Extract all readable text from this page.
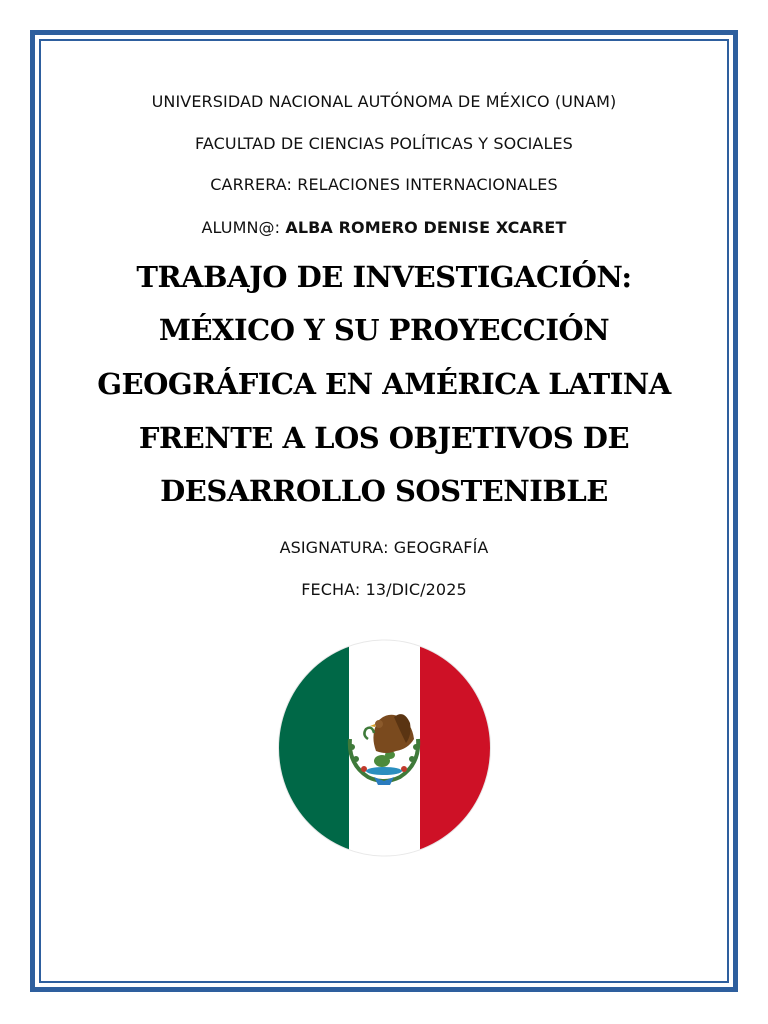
UNIVERSIDAD NACIONAL AUTÓNOMA DE MÉXICO (UNAM)
FACULTAD DE CIENCIAS POLÍTICAS Y SOCIALES
CARRERA: RELACIONES INTERNACIONALES
ALUMN@: ALBA ROMERO DENISE XCARET
TRABAJO DE INVESTIGACIÓN:
MÉXICO Y SU PROYECCIÓN
GEOGRÁFICA EN AMÉRICA LATINA
FRENTE A LOS OBJETIVOS DE
DESARROLLO SOSTENIBLE
ASIGNATURA: GEOGRAFÍA
FECHA: 13/DIC/2025
